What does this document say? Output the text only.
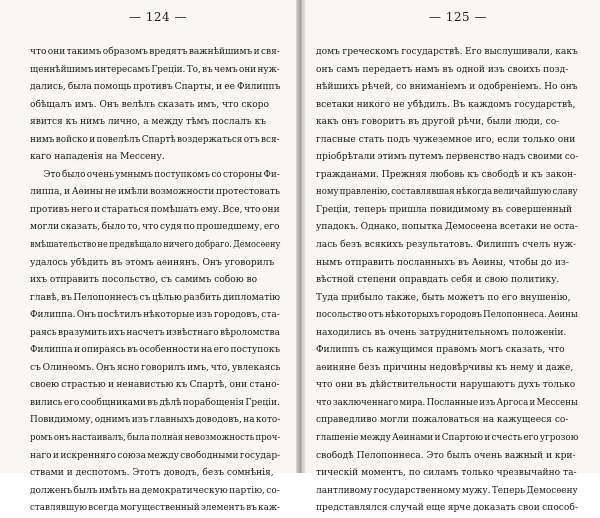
— 124 —
что они такимъ образомъ вредятъ важнѣйшимъ и свя-
щеннѣйшимъ интересамъ Греціи. То, въ чемъ они нуж-
дались, была помощь противъ Спарты, и ее Филиппъ
обѣщалъ имъ. Онъ велѣлъ сказать имъ, что скоро
явится къ нимъ лично, а между тѣмъ послалъ къ
нимъ войско и повелѣлъ Спартѣ воздержаться отъ вся-
каго нападенія на Мессену.
Это было очень умнымъ поступкомъ со стороны Фи-
липпа, и Аѳины не имѣли возможности протестовать
противъ него и стараться помѣшать ему. Все, что они
могли сказать, было то, что судя по прошедшему, его
вмѣшательство не предвѣщало ничего добраго. Демосѳену
удалось убѣдить въ этомъ аѳинянъ. Онъ уговорилъ
ихъ отправить посольство, съ самимъ собою во
главѣ, въ Пелопоннесъ съ цѣлью разбить дипломатію
Филиппа. Онъ посѣтилъ нѣкоторые изъ городовъ, ста-
раясь вразумить ихъ насчетъ извѣстнаго вѣроломства
Филиппа и опираясь въ особенности на его поступокъ
съ Олинѳомъ. Онъ ясно говорилъ имъ, что, увлекаясь
своею страстью и ненавистью къ Спартѣ, они стано-
вились его сообщниками въ дѣлѣ порабощенія Греціи.
Повидимому, однимъ изъ главныхъ доводовъ, на кото-
ромъ онъ настаивалъ, была полная невозможность проч-
наго и искренняго союза между свободными государ-
ствами и деспотомъ. Этотъ доводъ, безъ сомнѣнія,
долженъ былъ имѣть на демократическую партію, со-
ставлявшую всегда могущественный элементъ въ каж-
— 125 —
домъ греческомъ государствѣ. Его выслушивали, какъ
онъ самъ передаетъ намъ въ одной изъ своихъ позд-
нѣйшихъ рѣчей, со вниманіемъ и одобреніемъ. Но онъ
всетаки никого не убѣдилъ. Въ каждомъ государствѣ,
какъ онъ говоритъ въ другой рѣчи, были люди, со-
гласные стать подъ чужеземное иго, если только они
пріобрѣтали этимъ путемъ первенство надъ своими со-
гражданами. Прежняя любовь къ свободѣ и къ закон-
ному правленію, составлявшая нѣкогда величайшую славу
Греціи, теперь пришла повидимому въ совершенный
упадокъ. Однако, попытка Демосѳена всетаки не оста-
лась безъ всякихъ результатовъ. Филиппъ счелъ нуж-
нымъ отправить посланныхъ въ Аѳины, чтобы до из-
вѣстной степени оправдать себя и свою политику.
Туда прибыло также, быть можетъ по его внушенію,
посольство отъ нѣкоторыхъ городовъ Пелопоннеса. Аѳины
находились въ очень затруднительномъ положеніи.
Филиппъ съ кажущимся правомъ могъ сказать, что
аѳиняне безъ причины недовѣрчивы къ нему и даже,
что они въ дѣйствительности нарушаютъ духъ только
что заключеннаго мира. Посланные изъ Аргоса и Мессены
справедливо могли пожаловаться на кажущееся со-
глашеніе между Аѳинами и Спартою и счесть его угрозою
свободѣ Пелопоннеса. Это былъ очень важный и кри-
тическій моментъ, по силамъ только чрезвычайно та-
лантливому государственному мужу. Теперь Демосѳену
представлялся случай еще ярче доказать свои способ-
